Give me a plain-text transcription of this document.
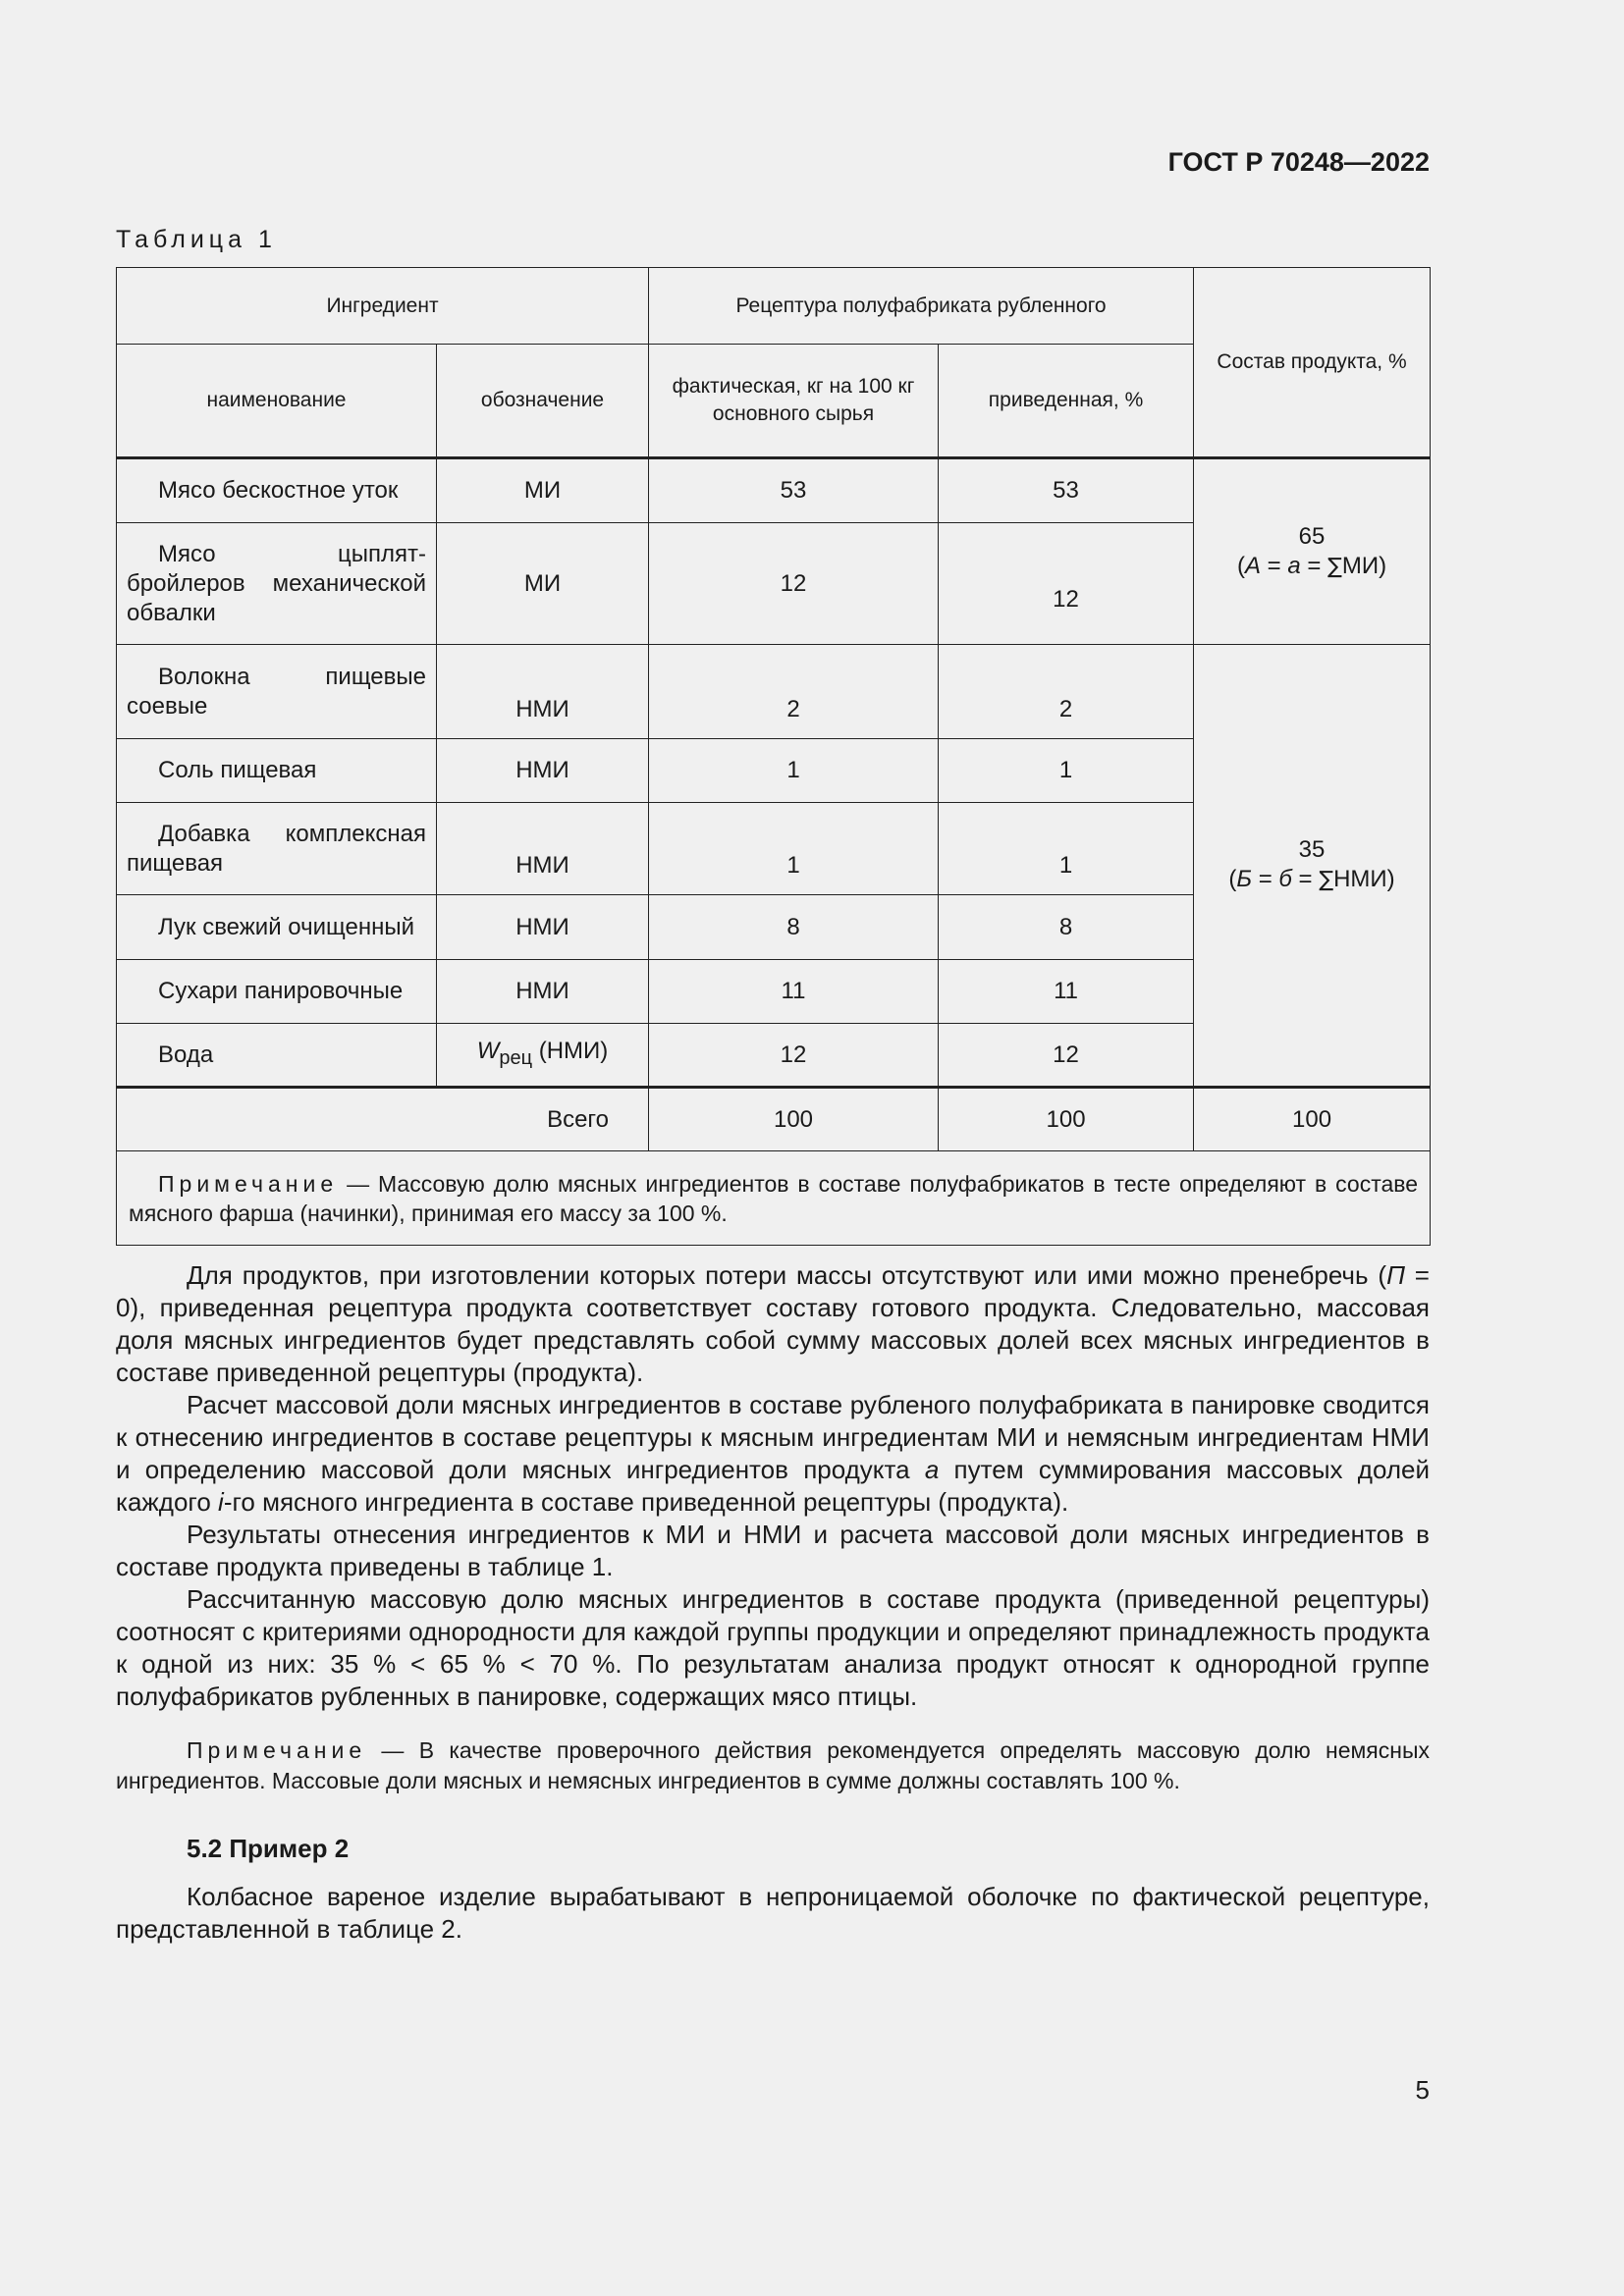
ГОСТ Р 70248—2022
Таблица 1
Ингредиент		Рецептура полуфабриката рубленного		Состав продукта, %
наименование	обозначение	фактическая, кг на 100 кг основного сырья	приведенная, %	
Мясо бескостное уток	МИ	53	53	65
(А = а = ∑МИ)
Мясо цыплят-бройлеров механической обвалки	МИ	12	12	
Волокна пищевые соевые	НМИ	2	2	35
(Б = б = ∑НМИ)
Соль пищевая	НМИ	1	1	
Добавка комплексная пищевая	НМИ	1	1	
Лук свежий очищенный	НМИ	8	8	
Сухари панировочные	НМИ	11	11	
Вода	$W_{рец}$ (НМИ)	12	12	
Всего		100	100	100
Примечание — Массовую долю мясных ингредиентов в составе полуфабрикатов в тесте определяют в составе мясного фарша (начинки), принимая его массу за 100 %.				

Для продуктов, при изготовлении которых потери массы отсутствуют или ими можно пренебречь (П = 0), приведенная рецептура продукта соответствует составу готового продукта. Следовательно, массовая доля мясных ингредиентов будет представлять собой сумму массовых долей всех мясных ингредиентов в составе приведенной рецептуры (продукта).

Расчет массовой доли мясных ингредиентов в составе рубленого полуфабриката в панировке сводится к отнесению ингредиентов в составе рецептуры к мясным ингредиентам МИ и немясным ингредиентам НМИ и определению массовой доли мясных ингредиентов продукта а путем суммирования массовых долей каждого i-го мясного ингредиента в составе приведенной рецептуры (продукта).

Результаты отнесения ингредиентов к МИ и НМИ и расчета массовой доли мясных ингредиентов в составе продукта приведены в таблице 1.

Рассчитанную массовую долю мясных ингредиентов в составе продукта (приведенной рецептуры) соотносят с критериями однородности для каждой группы продукции и определяют принадлежность продукта к одной из них: 35 % < 65 % < 70 %. По результатам анализа продукт относят к однородной группе полуфабрикатов рубленных в панировке, содержащих мясо птицы.

Примечание — В качестве проверочного действия рекомендуется определять массовую долю немясных ингредиентов. Массовые доли мясных и немясных ингредиентов в сумме должны составлять 100 %.

5.2 Пример 2

Колбасное вареное изделие вырабатывают в непроницаемой оболочке по фактической рецептуре, представленной в таблице 2.

5
